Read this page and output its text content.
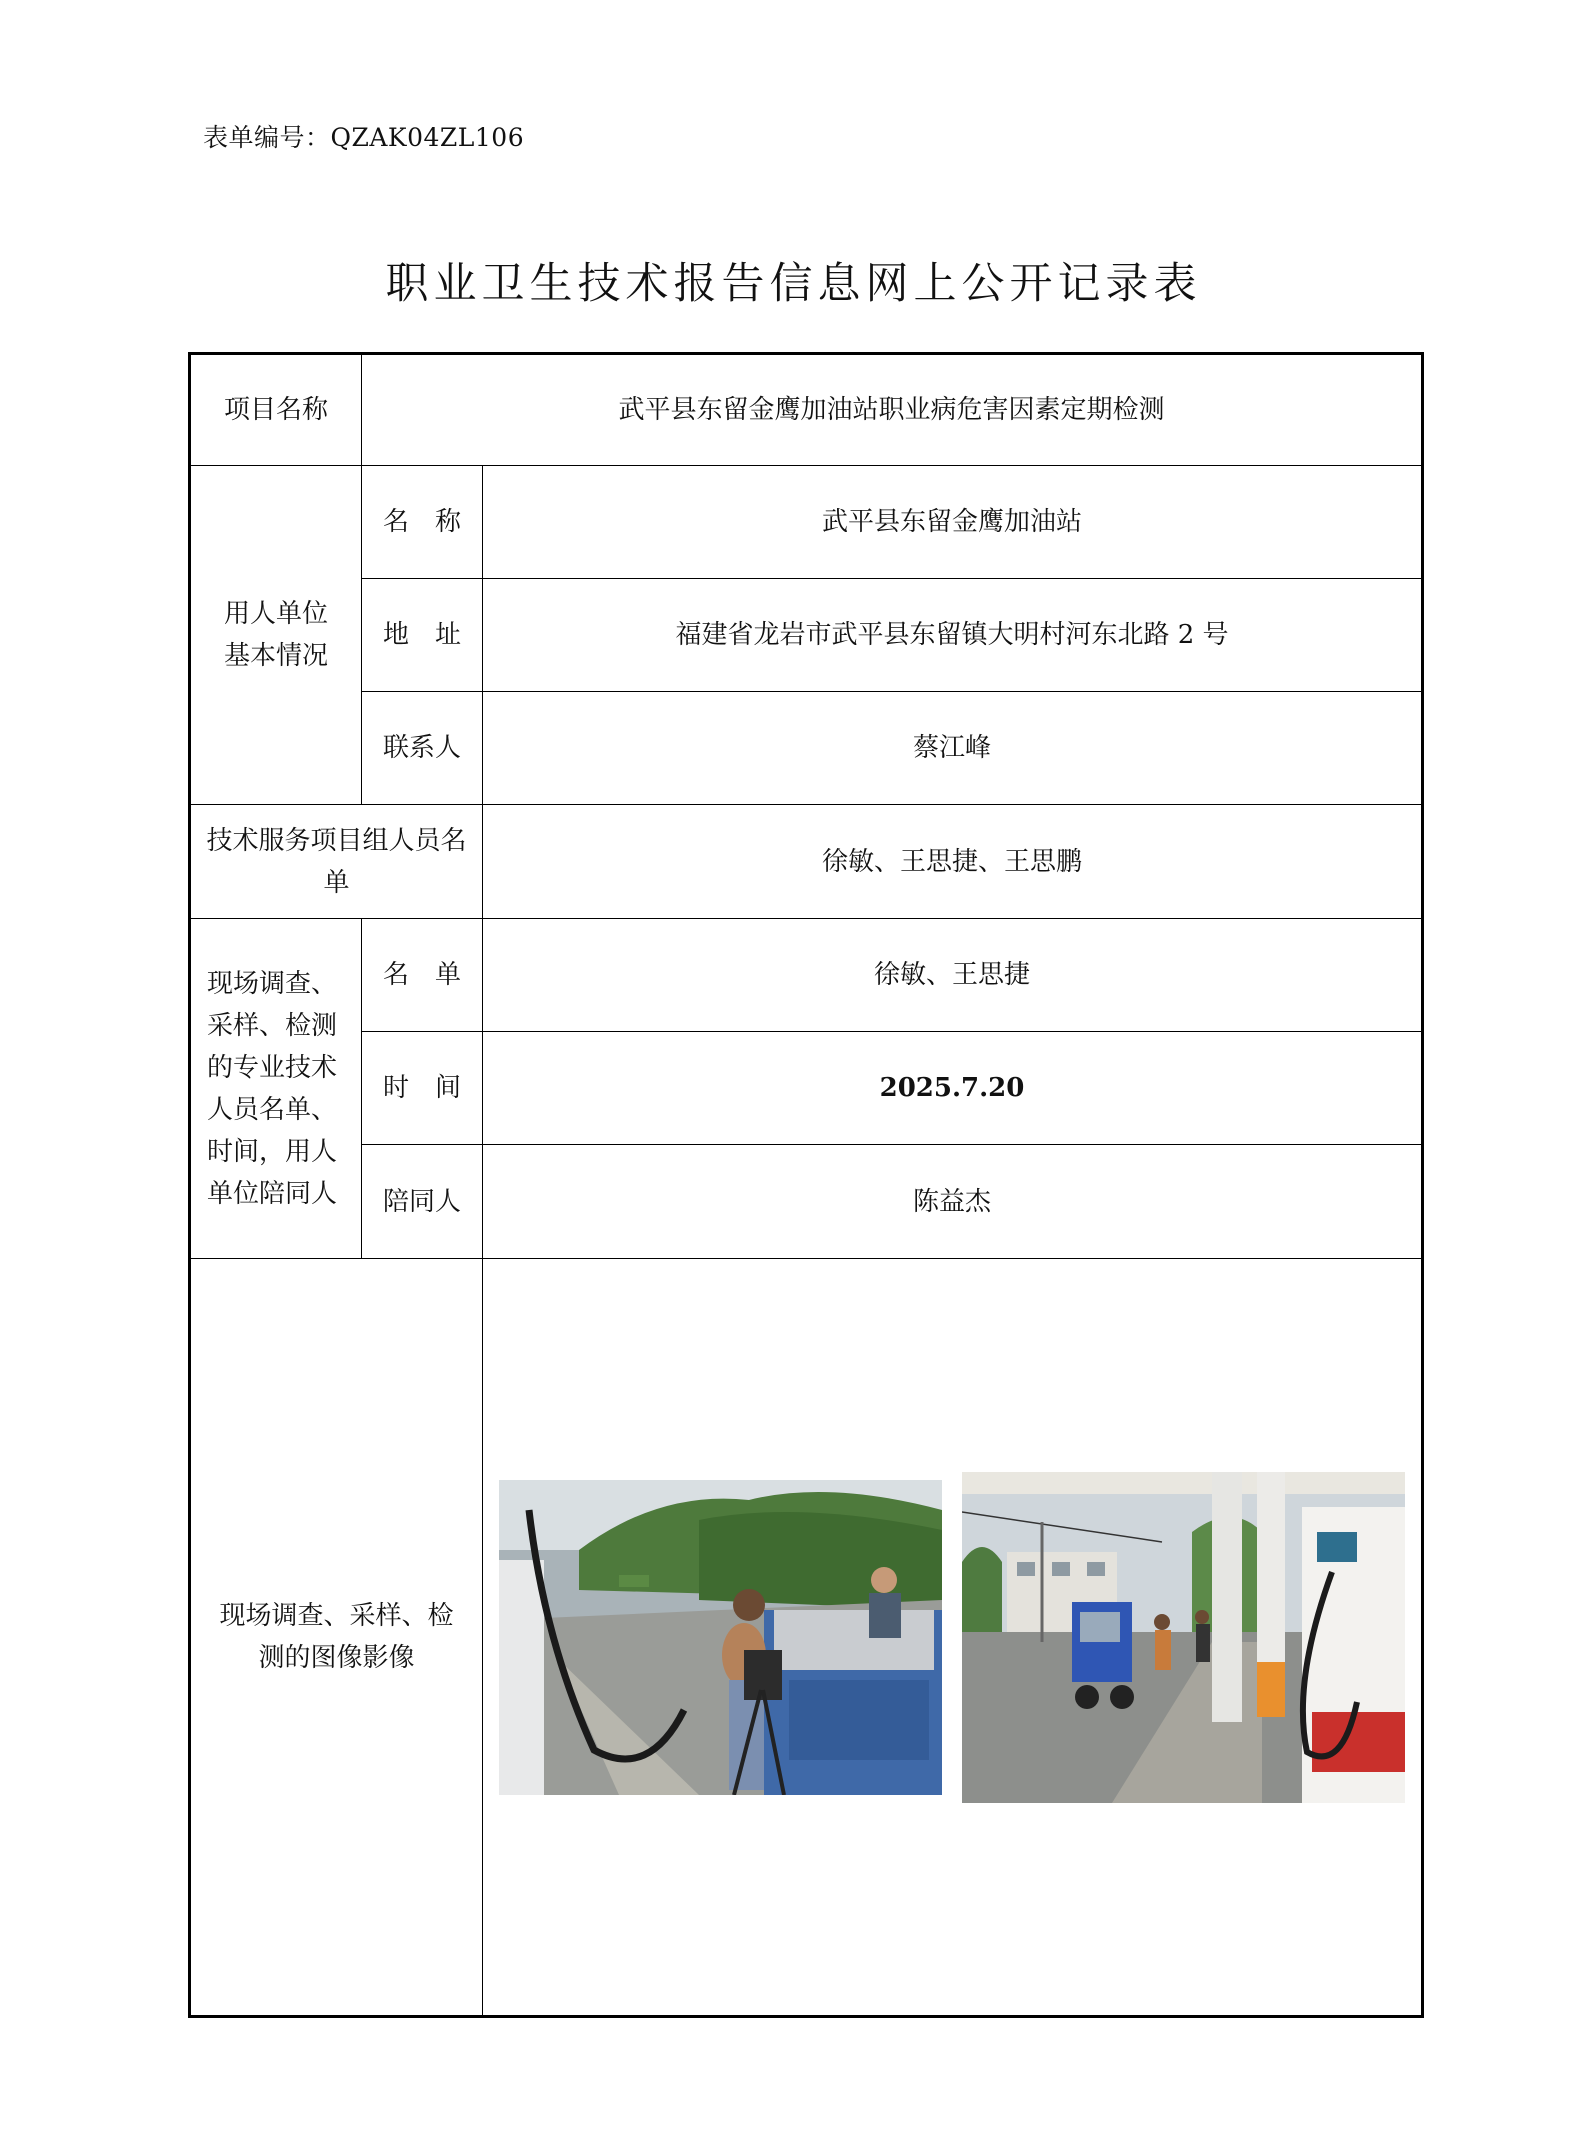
表单编号：QZAK04ZL106
职业卫生技术报告信息网上公开记录表
项目名称	武平县东留金鹰加油站职业病危害因素定期检测	
用人单位基本情况	名　称	武平县东留金鹰加油站
	地　址	福建省龙岩市武平县东留镇大明村河东北路 2 号
	联系人	蔡江峰
技术服务项目组人员名单		徐敏、王思捷、王思鹏
现场调查、采样、检测的专业技术人员名单、时间，用人单位陪同人	名　单	徐敏、王思捷
	时　间	2025.7.20
	陪同人	陈益杰
现场调查、采样、检测的图像影像	
